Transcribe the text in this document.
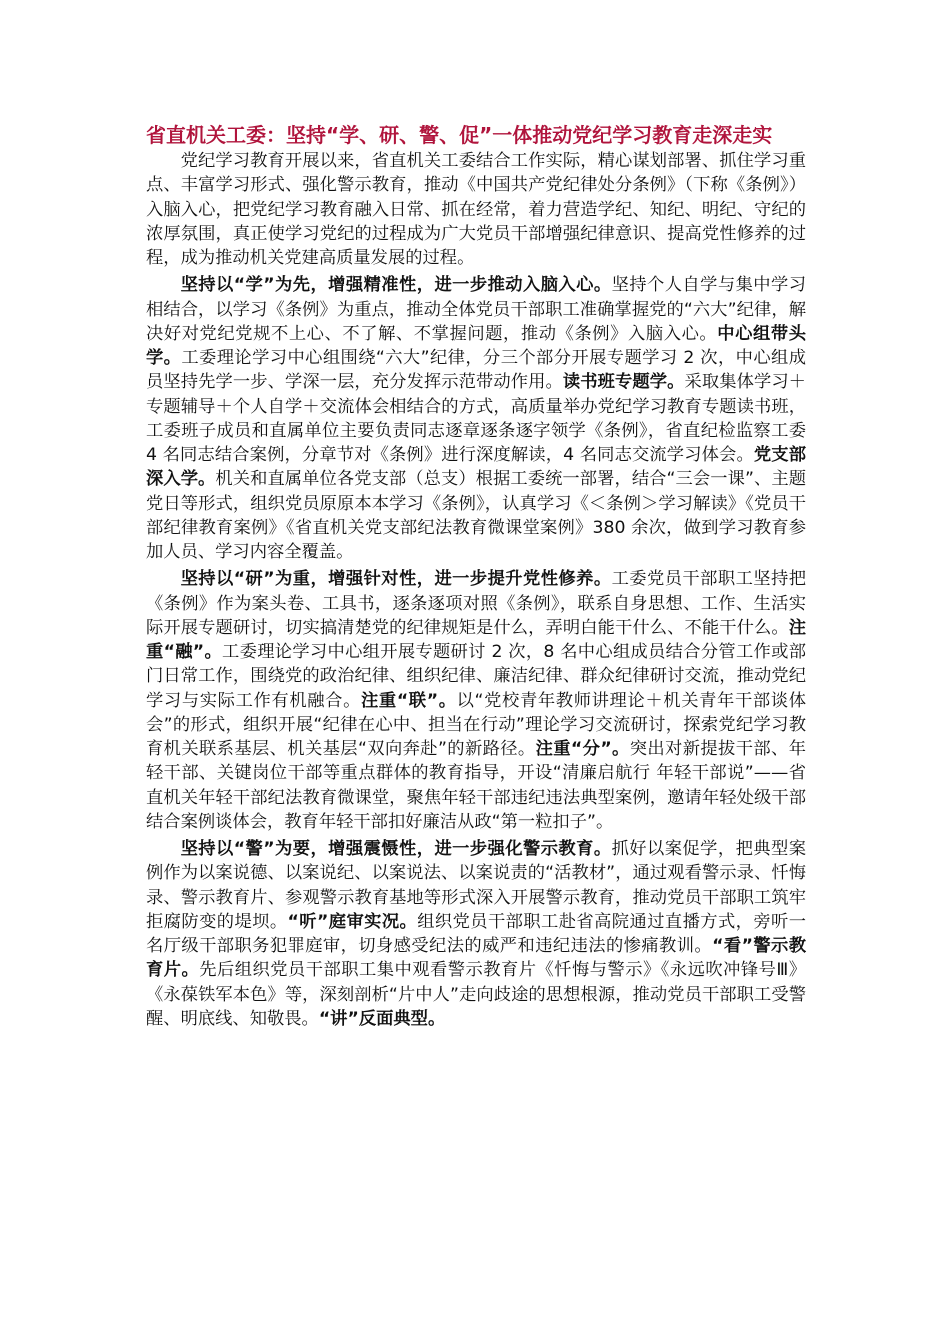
省直机关工委：坚持“学、研、警、促”一体推动党纪学习教育走深走实

党纪学习教育开展以来，省直机关工委结合工作实际，精心谋划部署、抓住学习重点、丰富学习形式、强化警示教育，推动《中国共产党纪律处分条例》（下称《条例》）入脑入心，把党纪学习教育融入日常、抓在经常，着力营造学纪、知纪、明纪、守纪的浓厚氛围，真正使学习党纪的过程成为广大党员干部增强纪律意识、提高党性修养的过程，成为推动机关党建高质量发展的过程。

坚持以“学”为先，增强精准性，进一步推动入脑入心。坚持个人自学与集中学习相结合，以学习《条例》为重点，推动全体党员干部职工准确掌握党的“六大”纪律，解决好对党纪党规不上心、不了解、不掌握问题，推动《条例》入脑入心。中心组带头学。工委理论学习中心组围绕“六大”纪律，分三个部分开展专题学习 2 次，中心组成员坚持先学一步、学深一层，充分发挥示范带动作用。读书班专题学。采取集体学习＋专题辅导＋个人自学＋交流体会相结合的方式，高质量举办党纪学习教育专题读书班，工委班子成员和直属单位主要负责同志逐章逐条逐字领学《条例》，省直纪检监察工委 4 名同志结合案例，分章节对《条例》进行深度解读，4 名同志交流学习体会。党支部深入学。机关和直属单位各党支部（总支）根据工委统一部署，结合“三会一课”、主题党日等形式，组织党员原原本本学习《条例》，认真学习《＜条例＞学习解读》《党员干部纪律教育案例》《省直机关党支部纪法教育微课堂案例》380 余次，做到学习教育参加人员、学习内容全覆盖。

坚持以“研”为重，增强针对性，进一步提升党性修养。工委党员干部职工坚持把《条例》作为案头卷、工具书，逐条逐项对照《条例》，联系自身思想、工作、生活实际开展专题研讨，切实搞清楚党的纪律规矩是什么，弄明白能干什么、不能干什么。注重“融”。工委理论学习中心组开展专题研讨 2 次，8 名中心组成员结合分管工作或部门日常工作，围绕党的政治纪律、组织纪律、廉洁纪律、群众纪律研讨交流，推动党纪学习与实际工作有机融合。注重“联”。以“党校青年教师讲理论＋机关青年干部谈体会”的形式，组织开展“纪律在心中、担当在行动”理论学习交流研讨，探索党纪学习教育机关联系基层、机关基层“双向奔赴”的新路径。注重“分”。突出对新提拔干部、年轻干部、关键岗位干部等重点群体的教育指导，开设“清廉启航行 年轻干部说”——省直机关年轻干部纪法教育微课堂，聚焦年轻干部违纪违法典型案例，邀请年轻处级干部结合案例谈体会，教育年轻干部扣好廉洁从政“第一粒扣子”。

坚持以“警”为要，增强震慑性，进一步强化警示教育。抓好以案促学，把典型案例作为以案说德、以案说纪、以案说法、以案说责的“活教材”，通过观看警示录、忏悔录、警示教育片、参观警示教育基地等形式深入开展警示教育，推动党员干部职工筑牢拒腐防变的堤坝。“听”庭审实况。组织党员干部职工赴省高院通过直播方式，旁听一名厅级干部职务犯罪庭审，切身感受纪法的威严和违纪违法的惨痛教训。“看”警示教育片。先后组织党员干部职工集中观看警示教育片《忏悔与警示》《永远吹冲锋号Ⅲ》《永葆铁军本色》等，深刻剖析“片中人”走向歧途的思想根源，推动党员干部职工受警醒、明底线、知敬畏。“讲”反面典型。
